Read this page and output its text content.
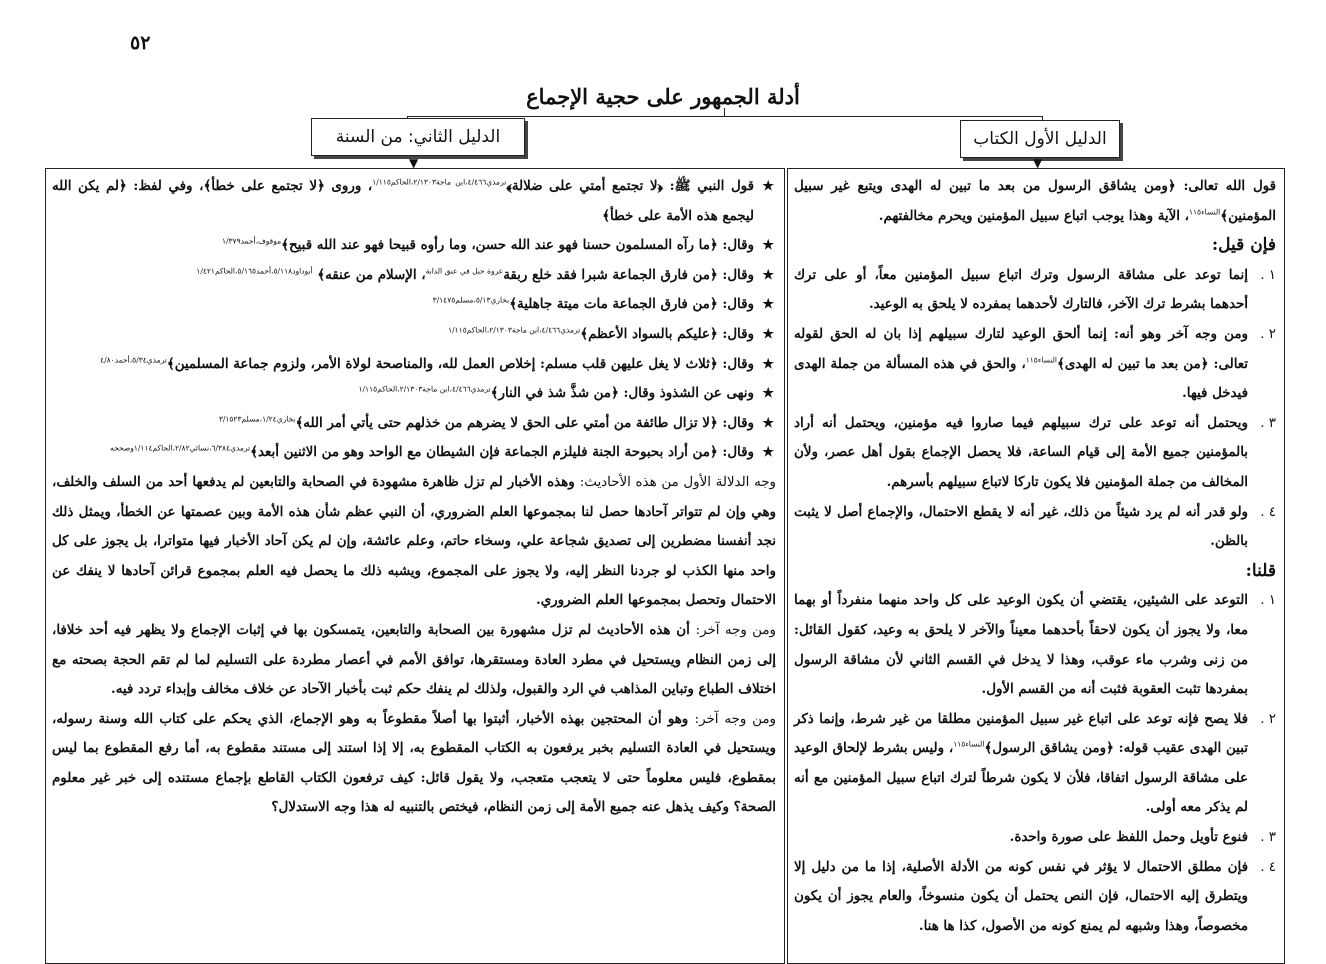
٥٢
أدلة الجمهور على حجية الإجماع
الدليل الأول الكتاب
الدليل الثاني: من السنة
▼
▼
قول الله تعالى: ﴿ومن يشاقق الرسول من بعد ما تبين له الهدى ويتبع غير سبيل المؤمنين﴾$^{النساء١١٥}$، الآية وهذا يوجب اتباع سبيل المؤمنين ويحرم مخالفتهم.
فإن قيل:
١ .
إنما توعد على مشاقة الرسول وترك اتباع سبيل المؤمنين معاً، أو على ترك أحدهما بشرط ترك الآخر، فالتارك لأحدهما بمفرده لا يلحق به الوعيد.
٢ .
ومن وجه آخر وهو أنه: إنما ألحق الوعيد لتارك سبيلهم إذا بان له الحق لقوله تعالى: ﴿من بعد ما تبين له الهدى﴾$^{النساء١١٥}$، والحق في هذه المسألة من جملة الهدى فيدخل فيها.
٣ .
ويحتمل أنه توعد على ترك سبيلهم فيما صاروا فيه مؤمنين، ويحتمل أنه أراد بالمؤمنين جميع الأمة إلى قيام الساعة، فلا يحصل الإجماع بقول أهل عصر، ولأن المخالف من جملة المؤمنين فلا يكون تاركا لاتباع سبيلهم بأسرهم.
٤ .
ولو قدر أنه لم يرد شيئاً من ذلك، غير أنه لا يقطع الاحتمال، والإجماع أصل لا يثبت بالظن.
قلنا:
١ .
التوعد على الشيئين، يقتضي أن يكون الوعيد على كل واحد منهما منفرداً أو بهما معا، ولا يجوز أن يكون لاحقاً بأحدهما معيناً والآخر لا يلحق به وعيد، كقول القائل: من زنى وشرب ماء عوقب، وهذا لا يدخل في القسم الثاني لأن مشاقة الرسول بمفردها تثبت العقوبة فثبت أنه من القسم الأول.
٢ .
فلا يصح فإنه توعد على اتباع غير سبيل المؤمنين مطلقا من غير شرط، وإنما ذكر تبين الهدى عقيب قوله: ﴿ومن يشاقق الرسول﴾$^{النساء١١٥}$، وليس بشرط لإلحاق الوعيد على مشاقة الرسول اتفاقا، فلأن لا يكون شرطاً لترك اتباع سبيل المؤمنين مع أنه لم يذكر معه أولى.
٣ .
فنوع تأويل وحمل اللفظ على صورة واحدة.
٤ .
فإن مطلق الاحتمال لا يؤثر في نفس كونه من الأدلة الأصلية، إذا ما من دليل إلا ويتطرق إليه الاحتمال، فإن النص يحتمل أن يكون منسوخاً، والعام يجوز أن يكون مخصوصاً، وهذا وشبهه لم يمنع كونه من الأصول، كذا ها هنا.
★
قول النبي ﷺ: ﴿لا تجتمع أمتي على ضلالة﴾$^{ترمذي٤/٤٦٦،ابن ماجة٢/١٣٠٣،الحاكم١/١١٥}$، وروى ﴿لا تجتمع على خطأ﴾، وفي لفظ: ﴿لم يكن الله ليجمع هذه الأمة على خطأ﴾
★
وقال: ﴿ما رآه المسلمون حسنا فهو عند الله حسن، وما رأوه قبيحا فهو عند الله قبيح﴾$^{موقوف،أحمد١/٣٧٩}$
★
وقال: ﴿من فارق الجماعة شبرا فقد خلع ربقة$^{عروة حبل في عنق الدابة}$، الإسلام من عنقه﴾ $^{أبوداود٥/١١٨،أحمد٥/١٦٥،الحاكم١/٤٢١}$
★
وقال: ﴿من فارق الجماعة مات ميتة جاهلية﴾$^{بخاري٥/١٣،مسلم٣/١٤٧٥}$
★
وقال: ﴿عليكم بالسواد الأعظم﴾$^{ترمذي٤/٤٦٦،ابن ماجة٢/١٣٠٣،الحاكم١/١١٥}$
★
وقال: ﴿ثلاث لا يغل عليهن قلب مسلم: إخلاص العمل لله، والمناصحة لولاة الأمر، ولزوم جماعة المسلمين﴾$^{ترمذي٥/٣٤،أحمد٤/٨٠}$
★
ونهى عن الشذوذ وقال: ﴿من شذَّ شذ في النار﴾$^{ترمذي٤/٤٦٦،ابن ماجة٢/١٣٠٣،الحاكم١/١١٥}$
★
وقال: ﴿لا تزال طائفة من أمتي على الحق لا يضرهم من خذلهم حتى يأتي أمر الله﴾$^{بخاري١/٢٤،مسلم٣/١٥٢٣}$
★
وقال: ﴿من أراد بحبوحة الجنة فليلزم الجماعة فإن الشيطان مع الواحد وهو من الاثنين أبعد﴾$^{ترمذي٦/٣٨٤،نسائي٢/٨٢،الحاكم١/١١٤وصححه}$
وجه الدلالة الأول من هذه الأحاديث: وهذه الأخبار لم تزل ظاهرة مشهودة في الصحابة والتابعين لم يدفعها أحد من السلف والخلف، وهي وإن لم تتواتر آحادها حصل لنا بمجموعها العلم الضروري، أن النبي عظم شأن هذه الأمة وبين عصمتها عن الخطأ، ويمثل ذلك نجد أنفسنا مضطرين إلى تصديق شجاعة علي، وسخاء حاتم، وعلم عائشة، وإن لم يكن آحاد الأخبار فيها متواترا، بل يجوز على كل واحد منها الكذب لو جردنا النظر إليه، ولا يجوز على المجموع، ويشبه ذلك ما يحصل فيه العلم بمجموع قرائن آحادها لا ينفك عن الاحتمال وتحصل بمجموعها العلم الضروري.
ومن وجه آخر: أن هذه الأحاديث لم تزل مشهورة بين الصحابة والتابعين، يتمسكون بها في إثبات الإجماع ولا يظهر فيه أحد خلافا، إلى زمن النظام ويستحيل في مطرد العادة ومستقرها، توافق الأمم في أعصار مطردة على التسليم لما لم تقم الحجة بصحته مع اختلاف الطباع وتباين المذاهب في الرد والقبول، ولذلك لم ينفك حكم ثبت بأخبار الآحاد عن خلاف مخالف وإبداء تردد فيه.
ومن وجه آخر: وهو أن المحتجين بهذه الأخبار، أثبتوا بها أصلاً مقطوعاً به وهو الإجماع، الذي يحكم على كتاب الله وسنة رسوله، ويستحيل في العادة التسليم بخبر يرفعون به الكتاب المقطوع به، إلا إذا استند إلى مستند مقطوع به، أما رفع المقطوع بما ليس بمقطوع، فليس معلوماً حتى لا يتعجب متعجب، ولا يقول قائل: كيف ترفعون الكتاب القاطع بإجماع مستنده إلى خبر غير معلوم الصحة؟ وكيف يذهل عنه جميع الأمة إلى زمن النظام، فيختص بالتنبيه له هذا وجه الاستدلال؟
